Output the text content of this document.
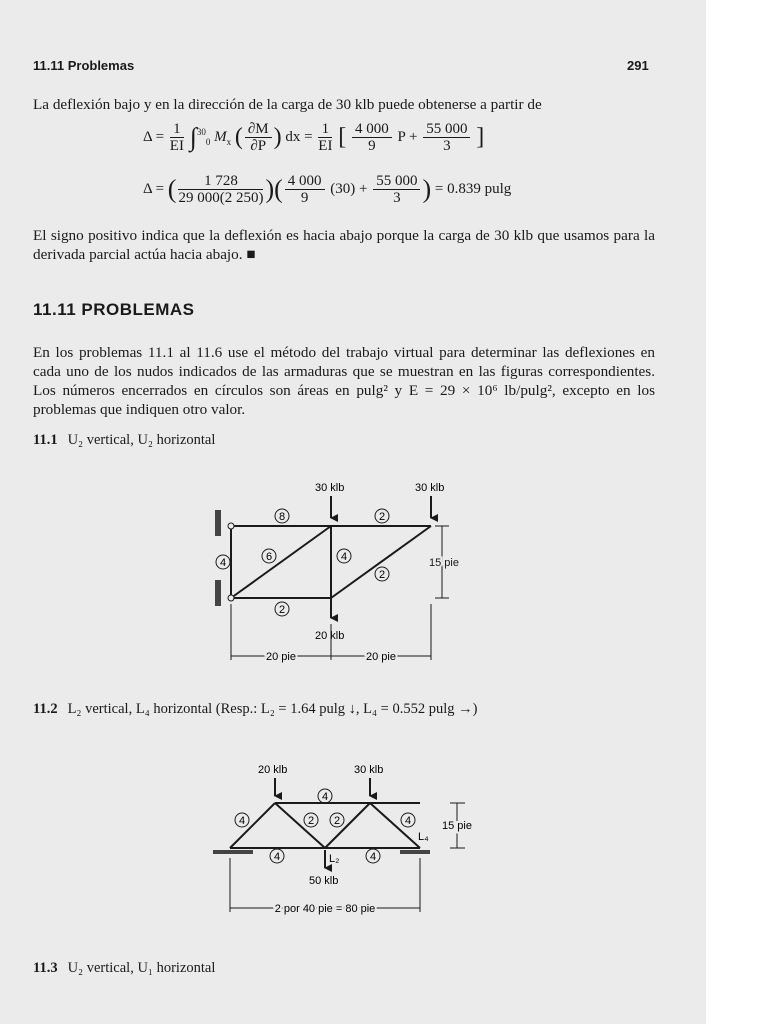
11.11 Problemas	291
La deflexión bajo y en la dirección de la carga de 30 klb puede obtenerse a partir de
$\Delta = \frac{1}{EI} \int^{30}_0$ $M_x$ ( $\frac{\partial M}{\partial P}$ ) dx = $\frac{1}{EI}$ [ $\frac{4 000}{9}$ $P + \frac{55 000}{3}$ ]
Δ = ( $\frac{1 728}{29 000(2 250)}$ )( $\frac{4 000}{9} (30) + \frac{55 000}{3}$ ) = 0.839 pulg
El signo positivo indica que la deflexión es hacia abajo porque la carga de 30 klb que usamos para la derivada parcial actúa hacia abajo. ■
11.11 PROBLEMAS
En los problemas 11.1 al 11.6 use el método del trabajo virtual para determinar las deflexiones en cada uno de los nudos indicados de las armaduras que se muestran en las figuras correspondientes. Los números encerrados en círculos son áreas en pulg² y E = 29 × 10⁶ lb/pulg², excepto en los problemas que indiquen otro valor.
11.1 U₂ vertical, U₂ horizontal
30 klb	30 klb
20 klb
8	2
4	6	4
2
2
15 pie
20 pie	20 pie
11.2 L₂ vertical, L₄ horizontal (Resp.: L₂ = 1.64 pulg ↓, L₄ = 0.552 pulg →)
20 klb	30 klb
50 klb
4
4	2 2	4
4	4
L₄
L₂
15 pie
2 por 40 pie = 80 pie
11.3 U₂ vertical, U₁ horizontal
